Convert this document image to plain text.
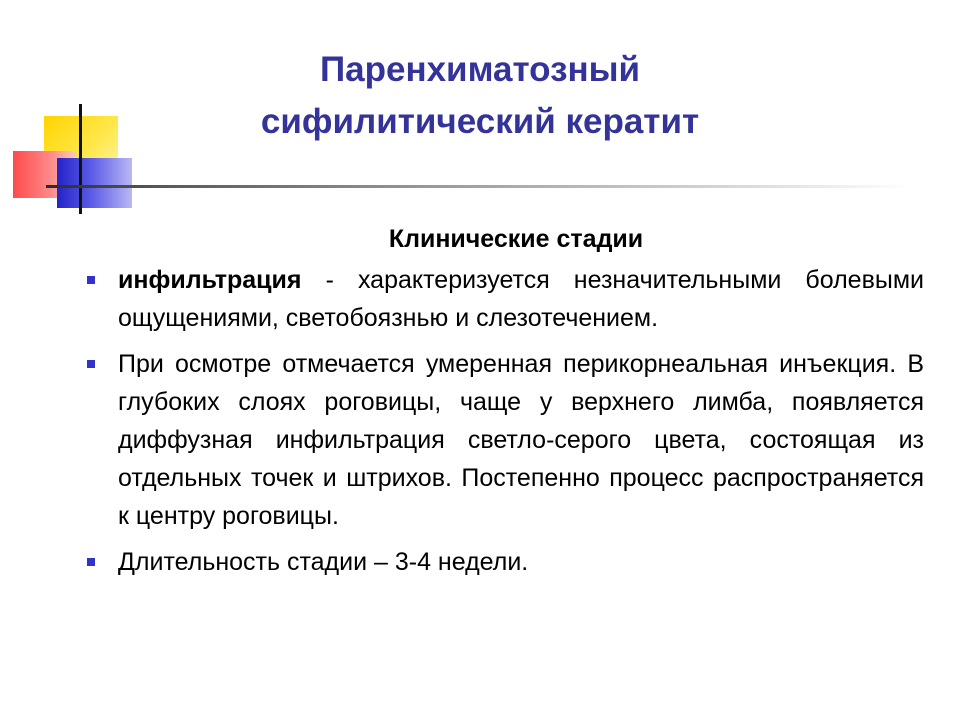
Паренхиматозный
сифилитический кератит

Клинические стадии

инфильтрация - характеризуется незначительными болевыми ощущениями, светобоязнью и слезотечением.
При осмотре отмечается умеренная перикорнеальная инъекция. В глубоких слоях роговицы, чаще у верхнего лимба, появляется диффузная инфильтрация светло-серого цвета, состоящая из отдельных точек и штрихов. Постепенно процесс распространяется к центру роговицы.
Длительность стадии – 3-4 недели.
